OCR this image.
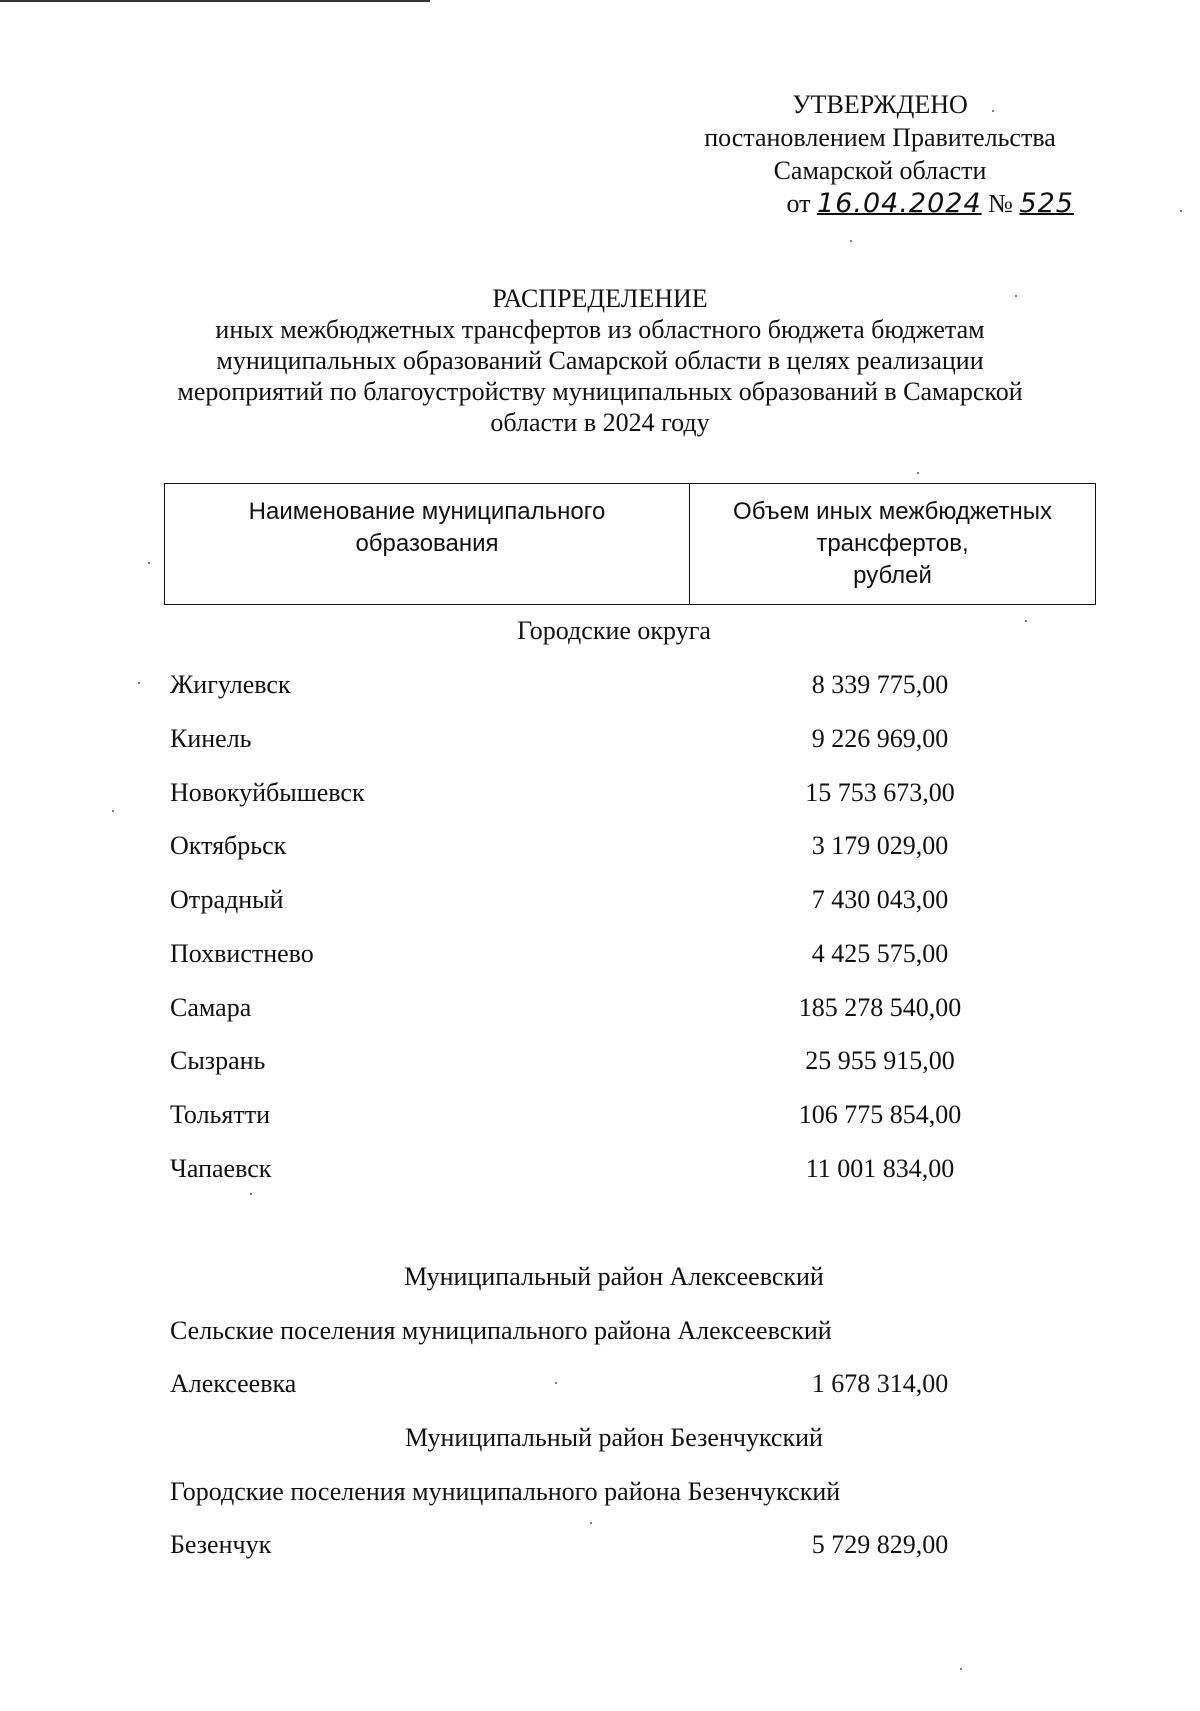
УТВЕРЖДЕНО
постановлением Правительства
Самарской области
от 16.04.2024 № 525
РАСПРЕДЕЛЕНИЕ
иных межбюджетных трансфертов из областного бюджета бюджетам
муниципальных образований Самарской области в целях реализации
мероприятий по благоустройству муниципальных образований в Самарской
области в 2024 году
Наименование муниципального образования
Объем иных межбюджетных
трансфертов,
рублей
Городские округа
Жигулевск	8 339 775,00
Кинель	9 226 969,00
Новокуйбышевск	15 753 673,00
Октябрьск	3 179 029,00
Отрадный	7 430 043,00
Похвистнево	4 425 575,00
Самара	185 278 540,00
Сызрань	25 955 915,00
Тольятти	106 775 854,00
Чапаевск	11 001 834,00
Муниципальный район Алексеевский
Сельские поселения муниципального района Алексеевский
Алексеевка	1 678 314,00
Муниципальный район Безенчукский
Городские поселения муниципального района Безенчукский
Безенчук	5 729 829,00
